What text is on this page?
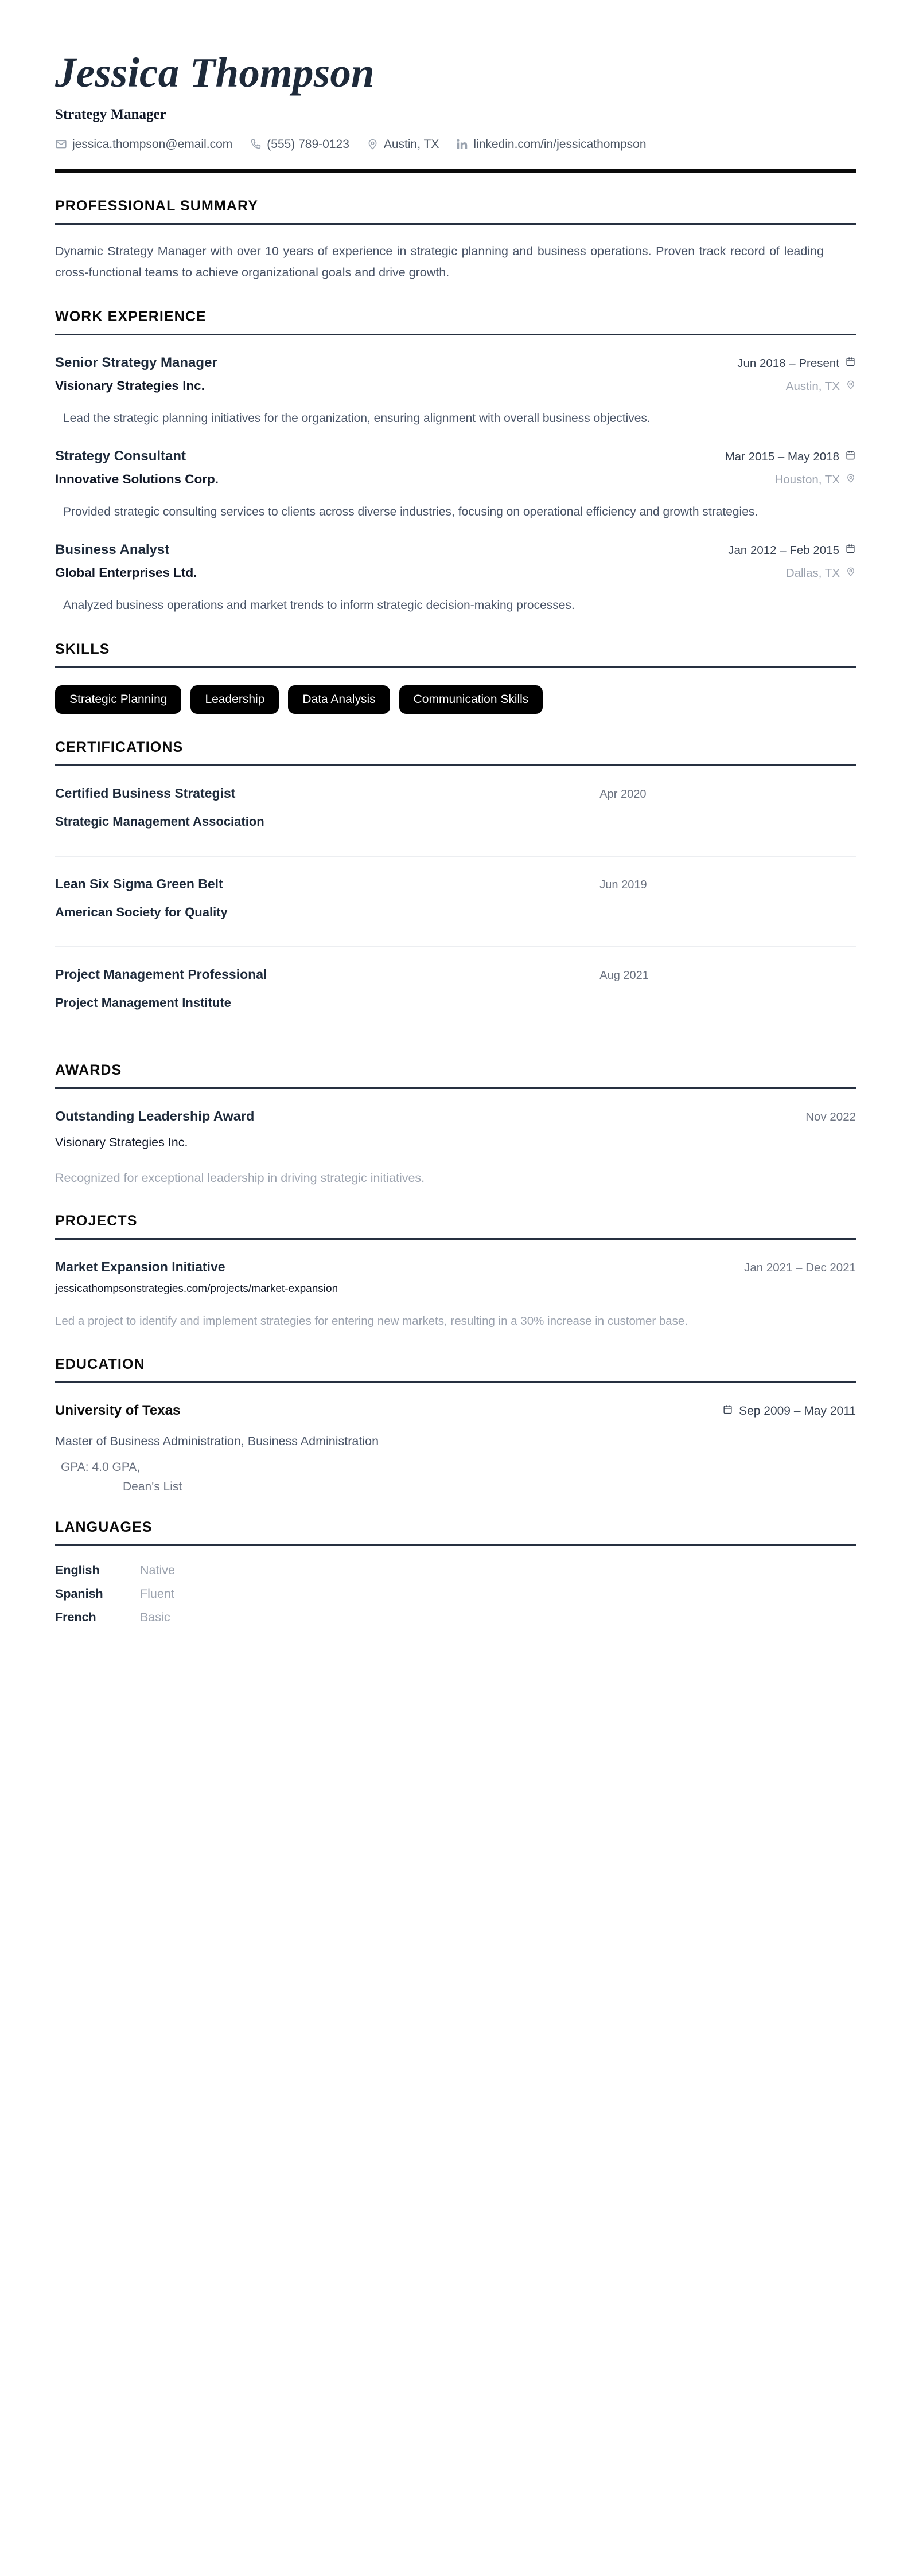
Jessica Thompson
Strategy Manager
jessica.thompson@email.com	(555) 789-0123	Austin, TX	linkedin.com/in/jessicathompson
PROFESSIONAL SUMMARY
Dynamic Strategy Manager with over 10 years of experience in strategic planning and business operations. Proven track record of leading cross-functional teams to achieve organizational goals and drive growth.
WORK EXPERIENCE
Senior Strategy Manager	Jun 2018 – Present
Visionary Strategies Inc.	Austin, TX
Lead the strategic planning initiatives for the organization, ensuring alignment with overall business objectives.
Strategy Consultant	Mar 2015 – May 2018
Innovative Solutions Corp.	Houston, TX
Provided strategic consulting services to clients across diverse industries, focusing on operational efficiency and growth strategies.
Business Analyst	Jan 2012 – Feb 2015
Global Enterprises Ltd.	Dallas, TX
Analyzed business operations and market trends to inform strategic decision-making processes.
SKILLS
Strategic Planning	Leadership	Data Analysis	Communication Skills
CERTIFICATIONS
Certified Business Strategist	Apr 2020
Strategic Management Association
Lean Six Sigma Green Belt	Jun 2019
American Society for Quality
Project Management Professional	Aug 2021
Project Management Institute
AWARDS
Outstanding Leadership Award	Nov 2022
Visionary Strategies Inc.
Recognized for exceptional leadership in driving strategic initiatives.
PROJECTS
Market Expansion Initiative	Jan 2021 – Dec 2021
jessicathompsonstrategies.com/projects/market-expansion
Led a project to identify and implement strategies for entering new markets, resulting in a 30% increase in customer base.
EDUCATION
University of Texas	Sep 2009 – May 2011
Master of Business Administration, Business Administration
GPA: 4.0 GPA,
Dean's List
LANGUAGES
English	Native
Spanish	Fluent
French	Basic
